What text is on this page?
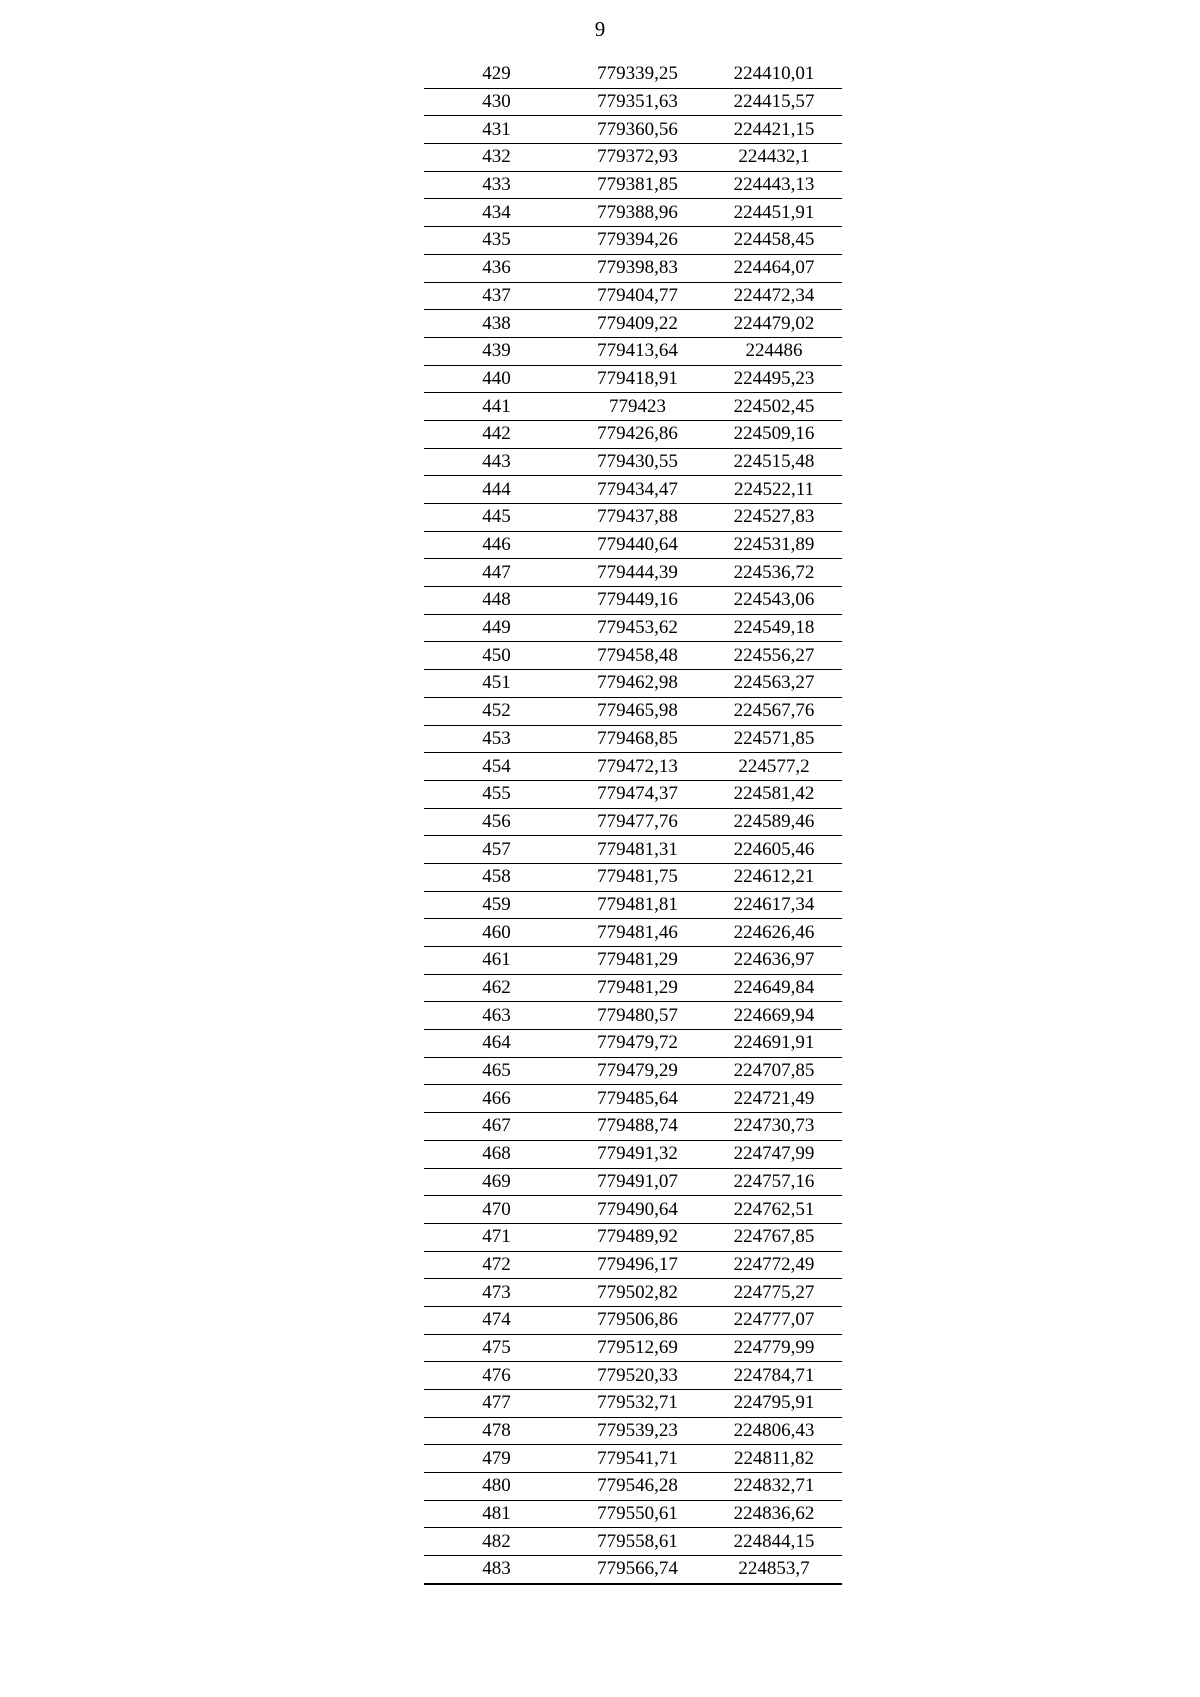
9
429	779339,25	224410,01
430	779351,63	224415,57
431	779360,56	224421,15
432	779372,93	224432,1
433	779381,85	224443,13
434	779388,96	224451,91
435	779394,26	224458,45
436	779398,83	224464,07
437	779404,77	224472,34
438	779409,22	224479,02
439	779413,64	224486
440	779418,91	224495,23
441	779423	224502,45
442	779426,86	224509,16
443	779430,55	224515,48
444	779434,47	224522,11
445	779437,88	224527,83
446	779440,64	224531,89
447	779444,39	224536,72
448	779449,16	224543,06
449	779453,62	224549,18
450	779458,48	224556,27
451	779462,98	224563,27
452	779465,98	224567,76
453	779468,85	224571,85
454	779472,13	224577,2
455	779474,37	224581,42
456	779477,76	224589,46
457	779481,31	224605,46
458	779481,75	224612,21
459	779481,81	224617,34
460	779481,46	224626,46
461	779481,29	224636,97
462	779481,29	224649,84
463	779480,57	224669,94
464	779479,72	224691,91
465	779479,29	224707,85
466	779485,64	224721,49
467	779488,74	224730,73
468	779491,32	224747,99
469	779491,07	224757,16
470	779490,64	224762,51
471	779489,92	224767,85
472	779496,17	224772,49
473	779502,82	224775,27
474	779506,86	224777,07
475	779512,69	224779,99
476	779520,33	224784,71
477	779532,71	224795,91
478	779539,23	224806,43
479	779541,71	224811,82
480	779546,28	224832,71
481	779550,61	224836,62
482	779558,61	224844,15
483	779566,74	224853,7
